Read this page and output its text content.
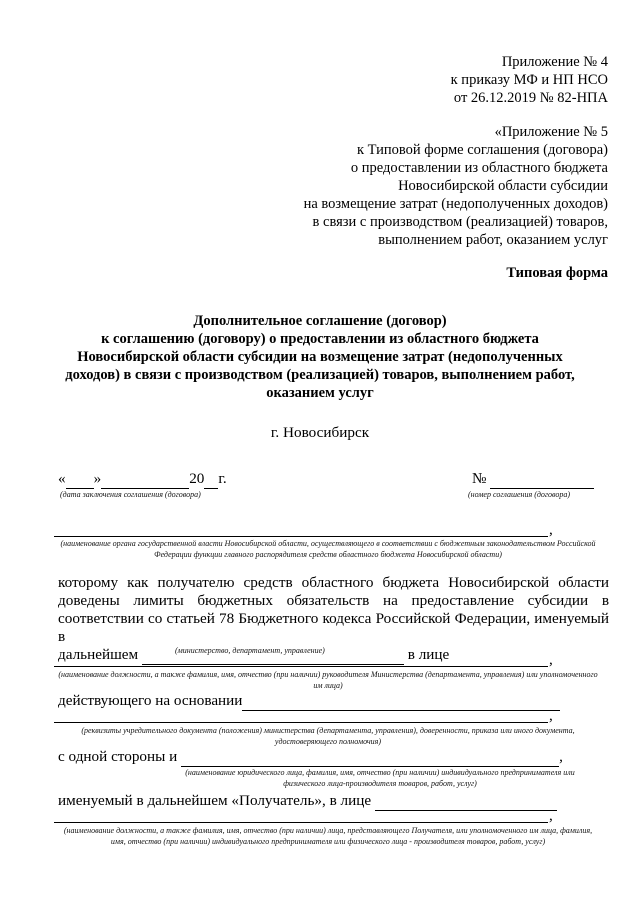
Приложение № 4
к приказу МФ и НП НСО
от 26.12.2019 № 82-НПА
«Приложение № 5
к Типовой форме соглашения (договора)
о предоставлении из областного бюджета
Новосибирской области субсидии
на возмещение затрат (недополученных доходов)
в связи с производством (реализацией) товаров,
выполнением работ, оказанием услуг
Типовая форма
Дополнительное соглашение (договор)
к соглашению (договору) о предоставлении из областного бюджета
Новосибирской области субсидии на возмещение затрат (недополученных
доходов) в связи с производством (реализацией) товаров, выполнением работ,
оказанием услуг
г. Новосибирск
« »	20 г.
(дата заключения соглашения (договора)
№
(номер соглашения (договора)
,
(наименование органа государственной власти Новосибирской области, осуществляющего в соответствии с бюджетным законодательством Российской Федерации функции главного распорядителя средств областного бюджета Новосибирской области)
которому как получателю средств областного бюджета Новосибирской области
доведены лимиты бюджетных обязательств на предоставление субсидии в
соответствии со статьей 78 Бюджетного кодекса Российской Федерации, именуемый в
дальнейшем	в лице
(министерство, департамент, управление)
,
(наименование должности, а также фамилия, имя, отчество (при наличии) руководителя Министерства (департамента, управления) или уполномоченного им лица)
действующего на основании
,
(реквизиты учредительного документа (положения) министерства (департамента, управления), доверенности, приказа или иного документа, удостоверяющего полномочия)
с одной стороны и	,
(наименование юридического лица, фамилия, имя, отчество (при наличии) индивидуального предпринимателя или физического лица-производителя товаров, работ, услуг)
именуемый в дальнейшем «Получатель», в лице
,
(наименование должности, а также фамилия, имя, отчество (при наличии) лица, представляющего Получателя, или уполномоченного им лица, фамилия, имя, отчество (при наличии) индивидуального предпринимателя или физического лица - производителя товаров, работ, услуг)
